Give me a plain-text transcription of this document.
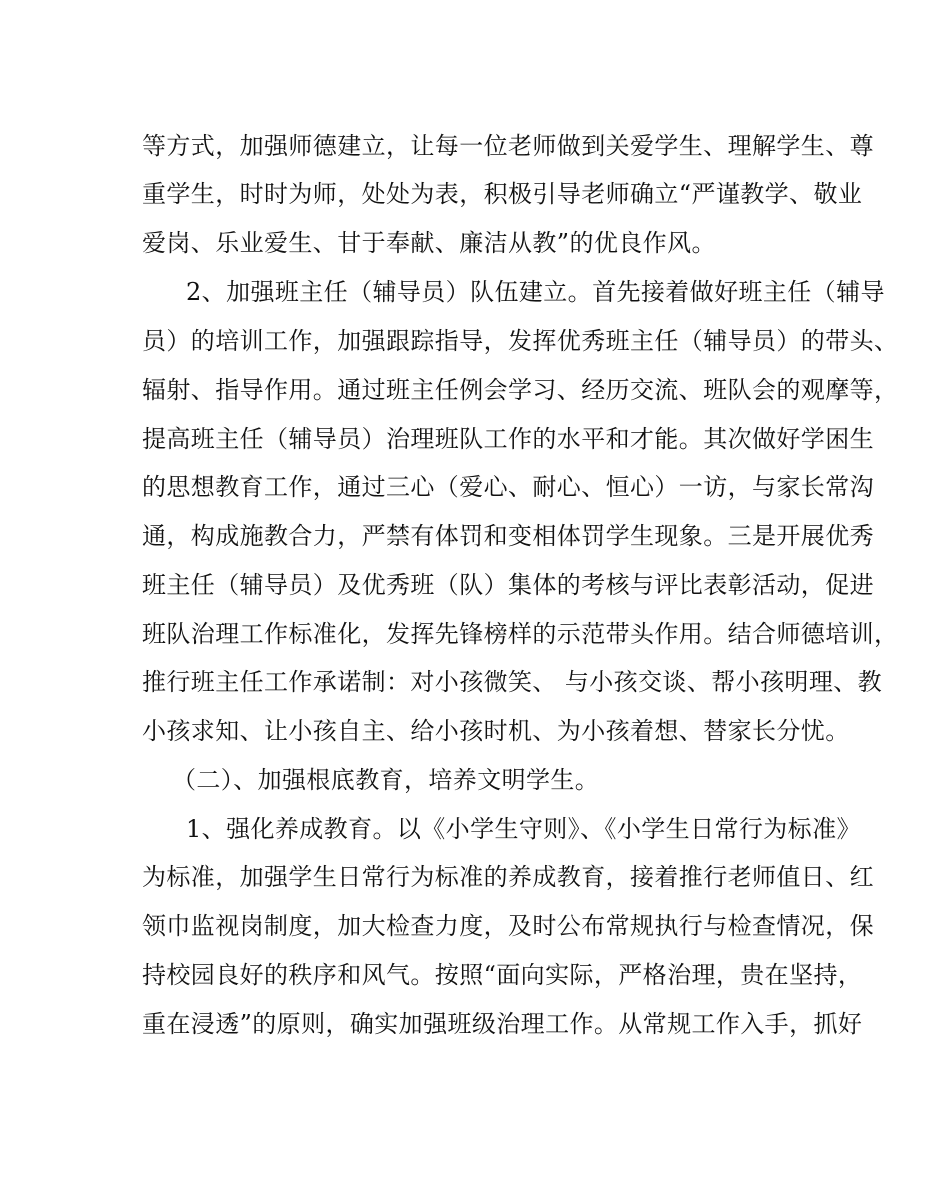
等方式，加强师德建立，让每一位老师做到关爱学生、理解学生、尊
重学生，时时为师，处处为表，积极引导老师确立“严谨教学、敬业
爱岗、乐业爱生、甘于奉献、廉洁从教”的优良作风。
2、加强班主任（辅导员）队伍建立。首先接着做好班主任（辅导
员）的培训工作，加强跟踪指导，发挥优秀班主任（辅导员）的带头、
辐射、指导作用。通过班主任例会学习、经历交流、班队会的观摩等，
提高班主任（辅导员）治理班队工作的水平和才能。其次做好学困生
的思想教育工作，通过三心（爱心、耐心、恒心）一访，与家长常沟
通，构成施教合力，严禁有体罚和变相体罚学生现象。三是开展优秀
班主任（辅导员）及优秀班（队）集体的考核与评比表彰活动，促进
班队治理工作标准化，发挥先锋榜样的示范带头作用。结合师德培训，
推行班主任工作承诺制：对小孩微笑、 与小孩交谈、帮小孩明理、教
小孩求知、让小孩自主、给小孩时机、为小孩着想、替家长分忧。
（二）、加强根底教育，培养文明学生。
1、强化养成教育。以《小学生守则》、《小学生日常行为标准》
为标准，加强学生日常行为标准的养成教育，接着推行老师值日、红
领巾监视岗制度，加大检查力度，及时公布常规执行与检查情况，保
持校园良好的秩序和风气。按照“面向实际，严格治理，贵在坚持，
重在浸透”的原则，确实加强班级治理工作。从常规工作入手，抓好
